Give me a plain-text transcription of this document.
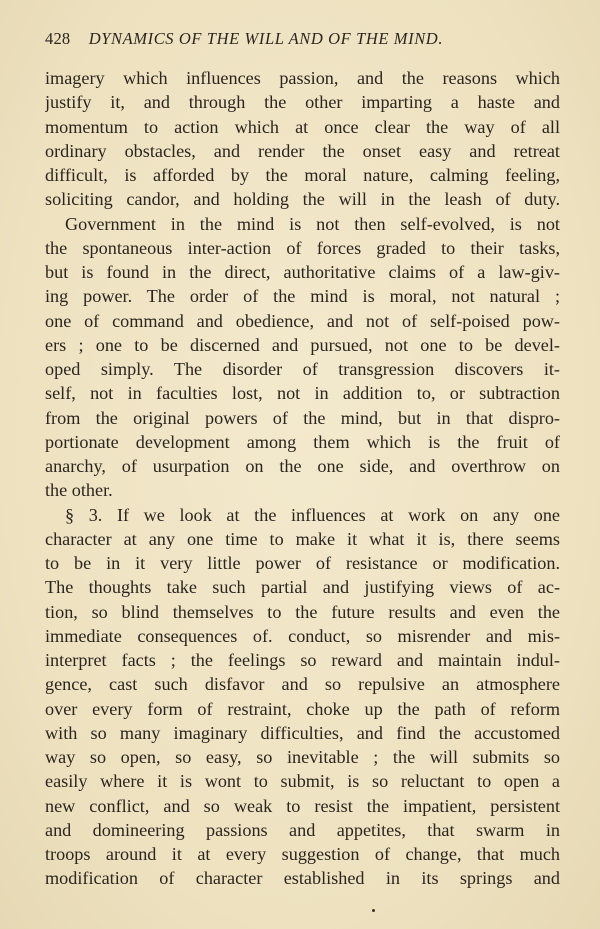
428 DYNAMICS OF THE WILL AND OF THE MIND.
imagery which influences passion, and the reasons which
justify it, and through the other imparting a haste and
momentum to action which at once clear the way of all
ordinary obstacles, and render the onset easy and retreat
difficult, is afforded by the moral nature, calming feeling,
soliciting candor, and holding the will in the leash of duty.
Government in the mind is not then self-evolved, is not
the spontaneous inter-action of forces graded to their tasks,
but is found in the direct, authoritative claims of a law-giv-
ing power. The order of the mind is moral, not natural ;
one of command and obedience, and not of self-poised pow-
ers ; one to be discerned and pursued, not one to be devel-
oped simply. The disorder of transgression discovers it-
self, not in faculties lost, not in addition to, or subtraction
from the original powers of the mind, but in that dispro-
portionate development among them which is the fruit of
anarchy, of usurpation on the one side, and overthrow on
the other.
§ 3. If we look at the influences at work on any one
character at any one time to make it what it is, there seems
to be in it very little power of resistance or modification.
The thoughts take such partial and justifying views of ac-
tion, so blind themselves to the future results and even the
immediate consequences of. conduct, so misrender and mis-
interpret facts ; the feelings so reward and maintain indul-
gence, cast such disfavor and so repulsive an atmosphere
over every form of restraint, choke up the path of reform
with so many imaginary difficulties, and find the accustomed
way so open, so easy, so inevitable ; the will submits so
easily where it is wont to submit, is so reluctant to open a
new conflict, and so weak to resist the impatient, persistent
and domineering passions and appetites, that swarm in
troops around it at every suggestion of change, that much
modification of character established in its springs and
